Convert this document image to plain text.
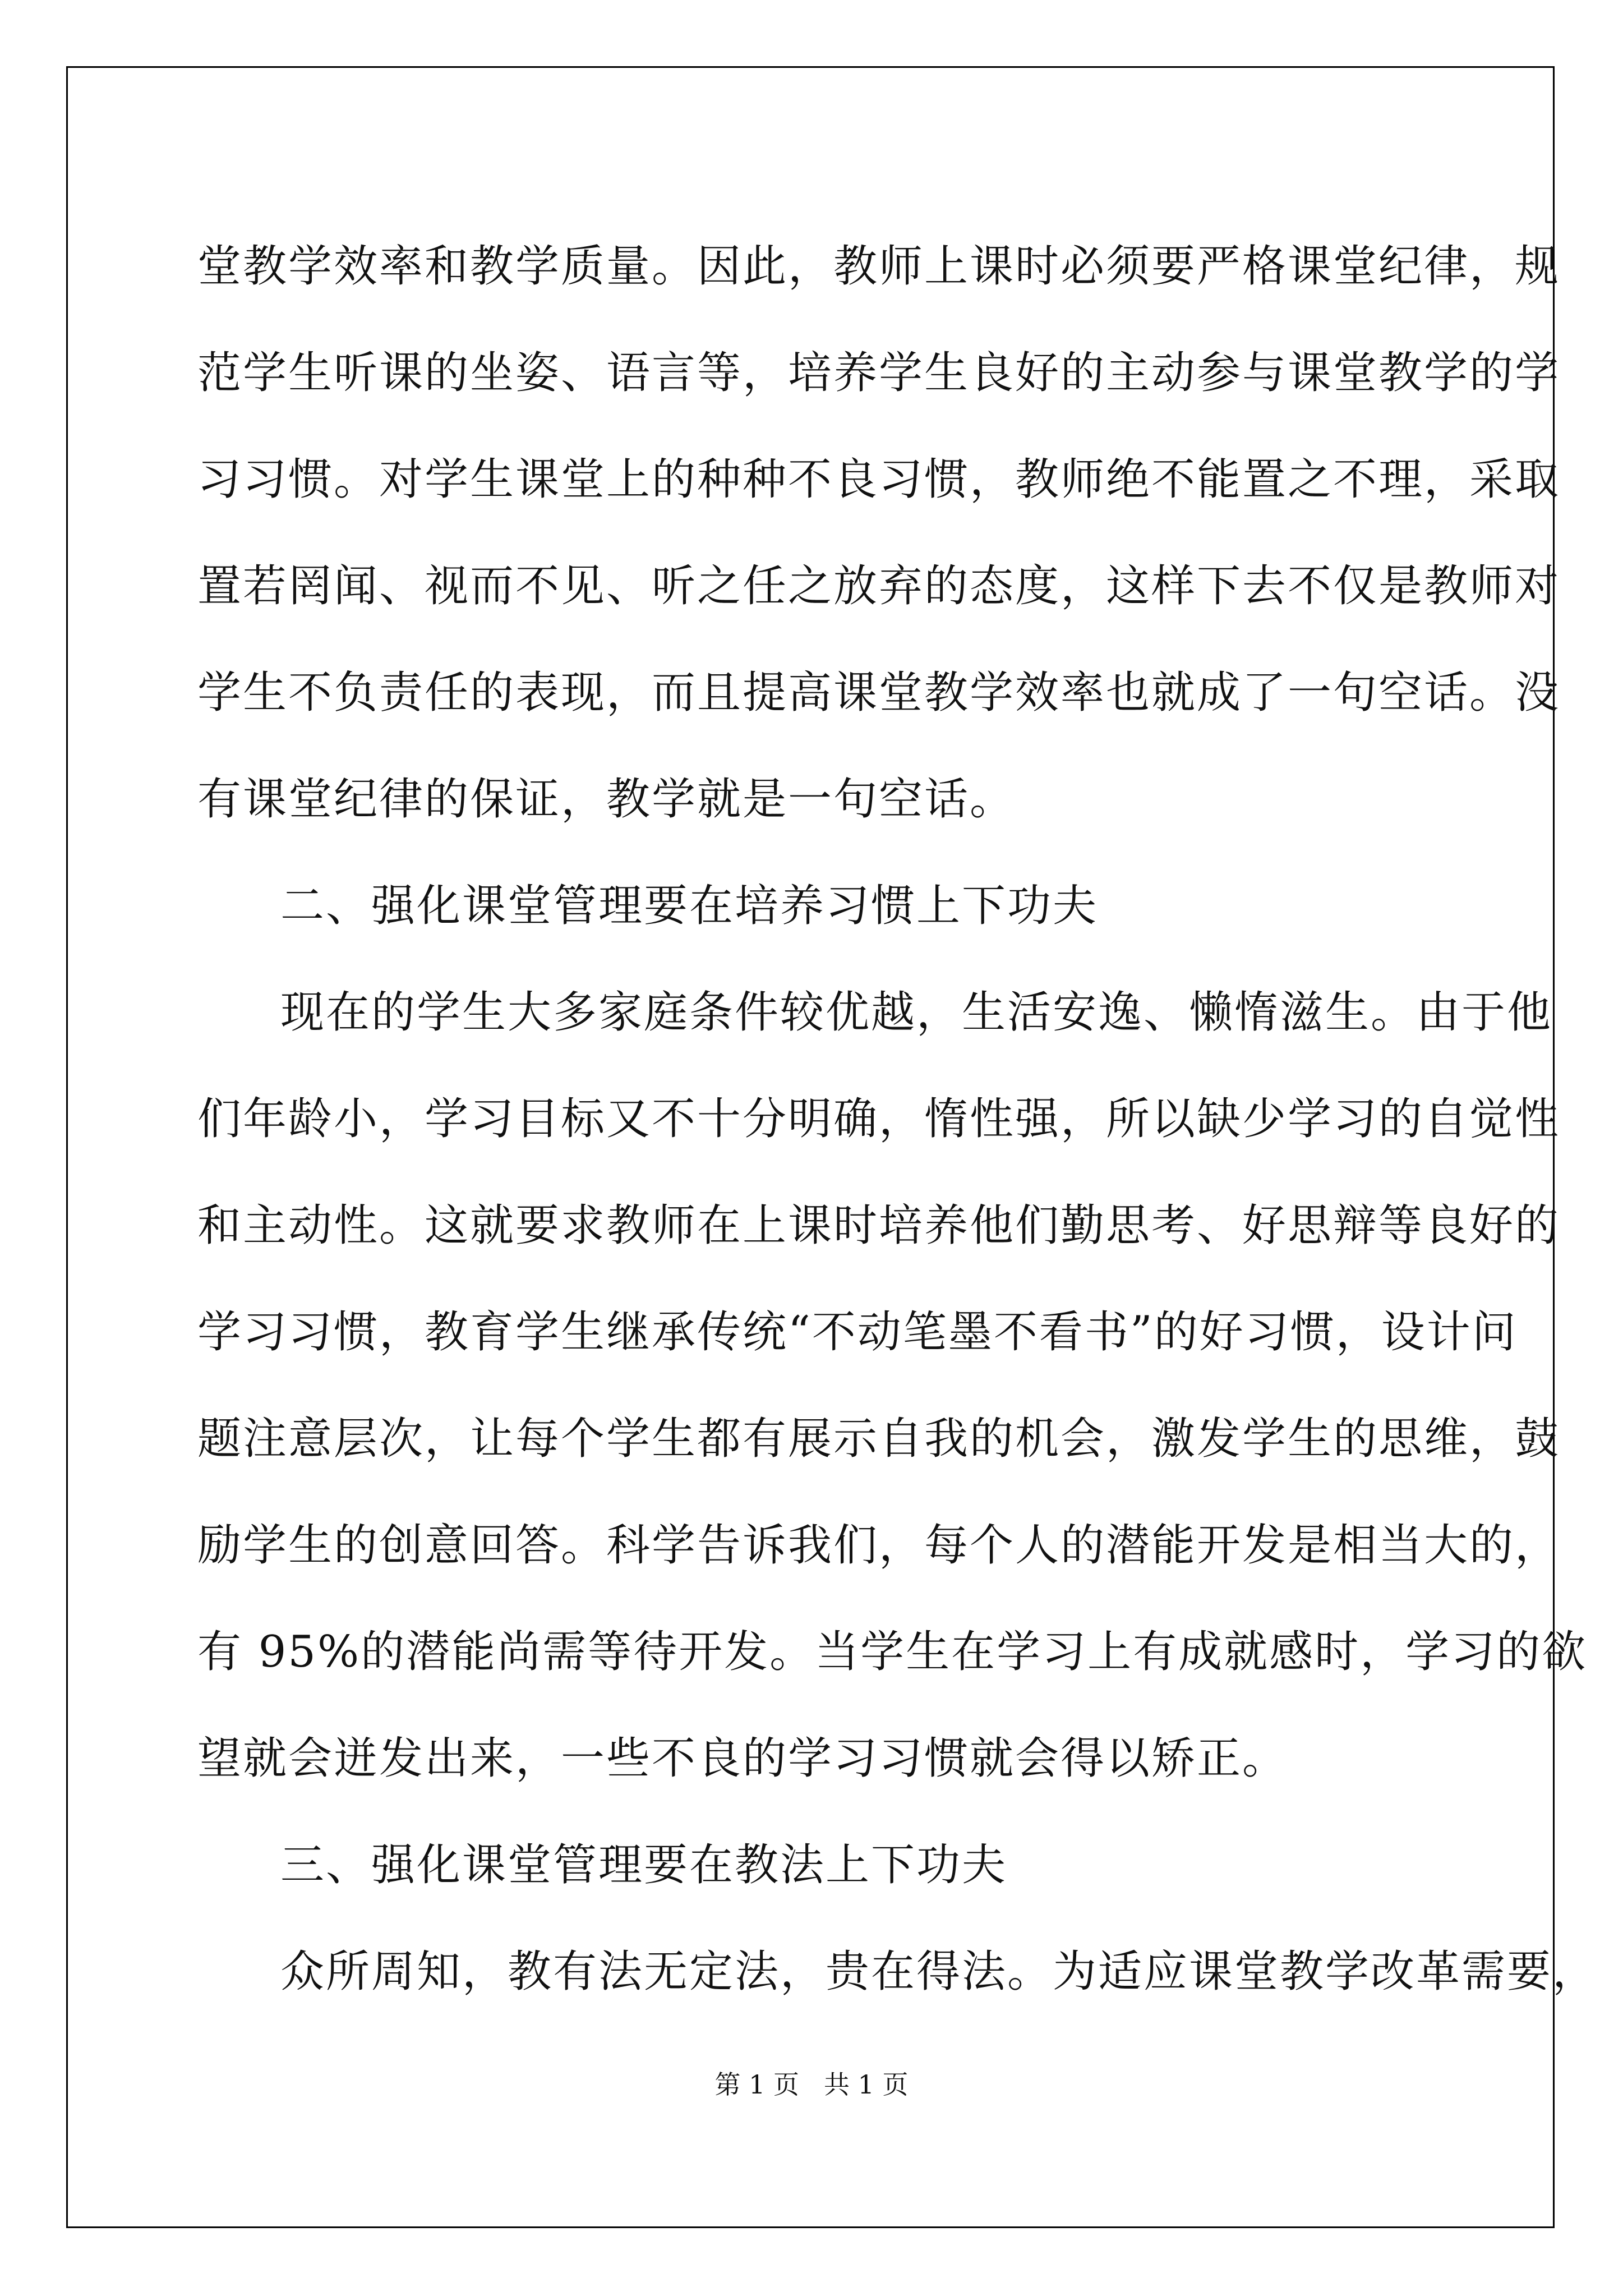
堂教学效率和教学质量。因此，教师上课时必须要严格课堂纪律，规
范学生听课的坐姿、语言等，培养学生良好的主动参与课堂教学的学
习习惯。对学生课堂上的种种不良习惯，教师绝不能置之不理，采取
置若罔闻、视而不见、听之任之放弃的态度，这样下去不仅是教师对
学生不负责任的表现，而且提高课堂教学效率也就成了一句空话。没
有课堂纪律的保证，教学就是一句空话。
二、强化课堂管理要在培养习惯上下功夫
现在的学生大多家庭条件较优越，生活安逸、懒惰滋生。由于他
们年龄小，学习目标又不十分明确，惰性强，所以缺少学习的自觉性
和主动性。这就要求教师在上课时培养他们勤思考、好思辩等良好的
学习习惯，教育学生继承传统“不动笔墨不看书”的好习惯，设计问
题注意层次，让每个学生都有展示自我的机会，激发学生的思维，鼓
励学生的创意回答。科学告诉我们，每个人的潜能开发是相当大的，
有 95%的潜能尚需等待开发。当学生在学习上有成就感时，学习的欲
望就会迸发出来，一些不良的学习习惯就会得以矫正。
三、强化课堂管理要在教法上下功夫
众所周知，教有法无定法，贵在得法。为适应课堂教学改革需要，
第 1 页 共 1 页
